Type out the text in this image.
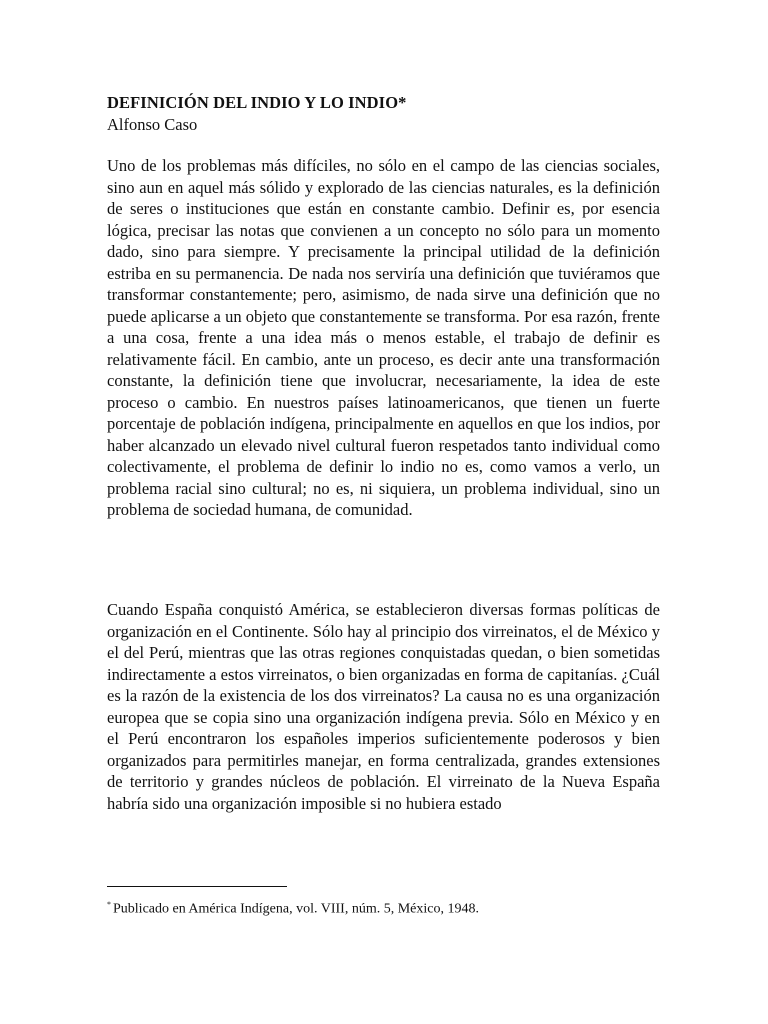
DEFINICIÓN DEL INDIO Y LO INDIO*
Alfonso Caso

Uno de los problemas más difíciles, no sólo en el campo de las ciencias sociales, sino aun en aquel más sólido y explorado de las ciencias naturales, es la definición de seres o instituciones que están en constante cambio. Definir es, por esencia lógica, precisar las notas que convienen a un concepto no sólo para un momento dado, sino para siempre. Y precisamente la principal utilidad de la definición estriba en su permanencia. De nada nos serviría una definición que tuviéramos que transformar constantemente; pero, asimismo, de nada sirve una definición que no puede aplicarse a un objeto que constantemente se transforma. Por esa razón, frente a una cosa, frente a una idea más o menos estable, el trabajo de definir es relativamente fácil. En cambio, ante un proceso, es decir ante una transformación constante, la definición tiene que involucrar, necesariamente, la idea de este proceso o cambio. En nuestros países latinoamericanos, que tienen un fuerte porcentaje de población indígena, principalmente en aquellos en que los indios, por haber alcanzado un elevado nivel cultural fueron respetados tanto individual como colectivamente, el problema de definir lo indio no es, como vamos a verlo, un problema racial sino cultural; no es, ni siquiera, un problema individual, sino un problema de sociedad humana, de comunidad.

Cuando España conquistó América, se establecieron diversas formas políticas de organización en el Continente. Sólo hay al principio dos virreinatos, el de México y el del Perú, mientras que las otras regiones conquistadas quedan, o bien sometidas indirectamente a estos virreinatos, o bien organizadas en forma de capitanías. ¿Cuál es la razón de la existencia de los dos virreinatos? La causa no es una organización europea que se copia sino una organización indígena previa. Sólo en México y en el Perú encontraron los españoles imperios suficientemente poderosos y bien organizados para permitirles manejar, en forma centralizada, grandes extensiones de territorio y grandes núcleos de población. El virreinato de la Nueva España habría sido una organización imposible si no hubiera estado

* Publicado en América Indígena, vol. VIII, núm. 5, México, 1948.
